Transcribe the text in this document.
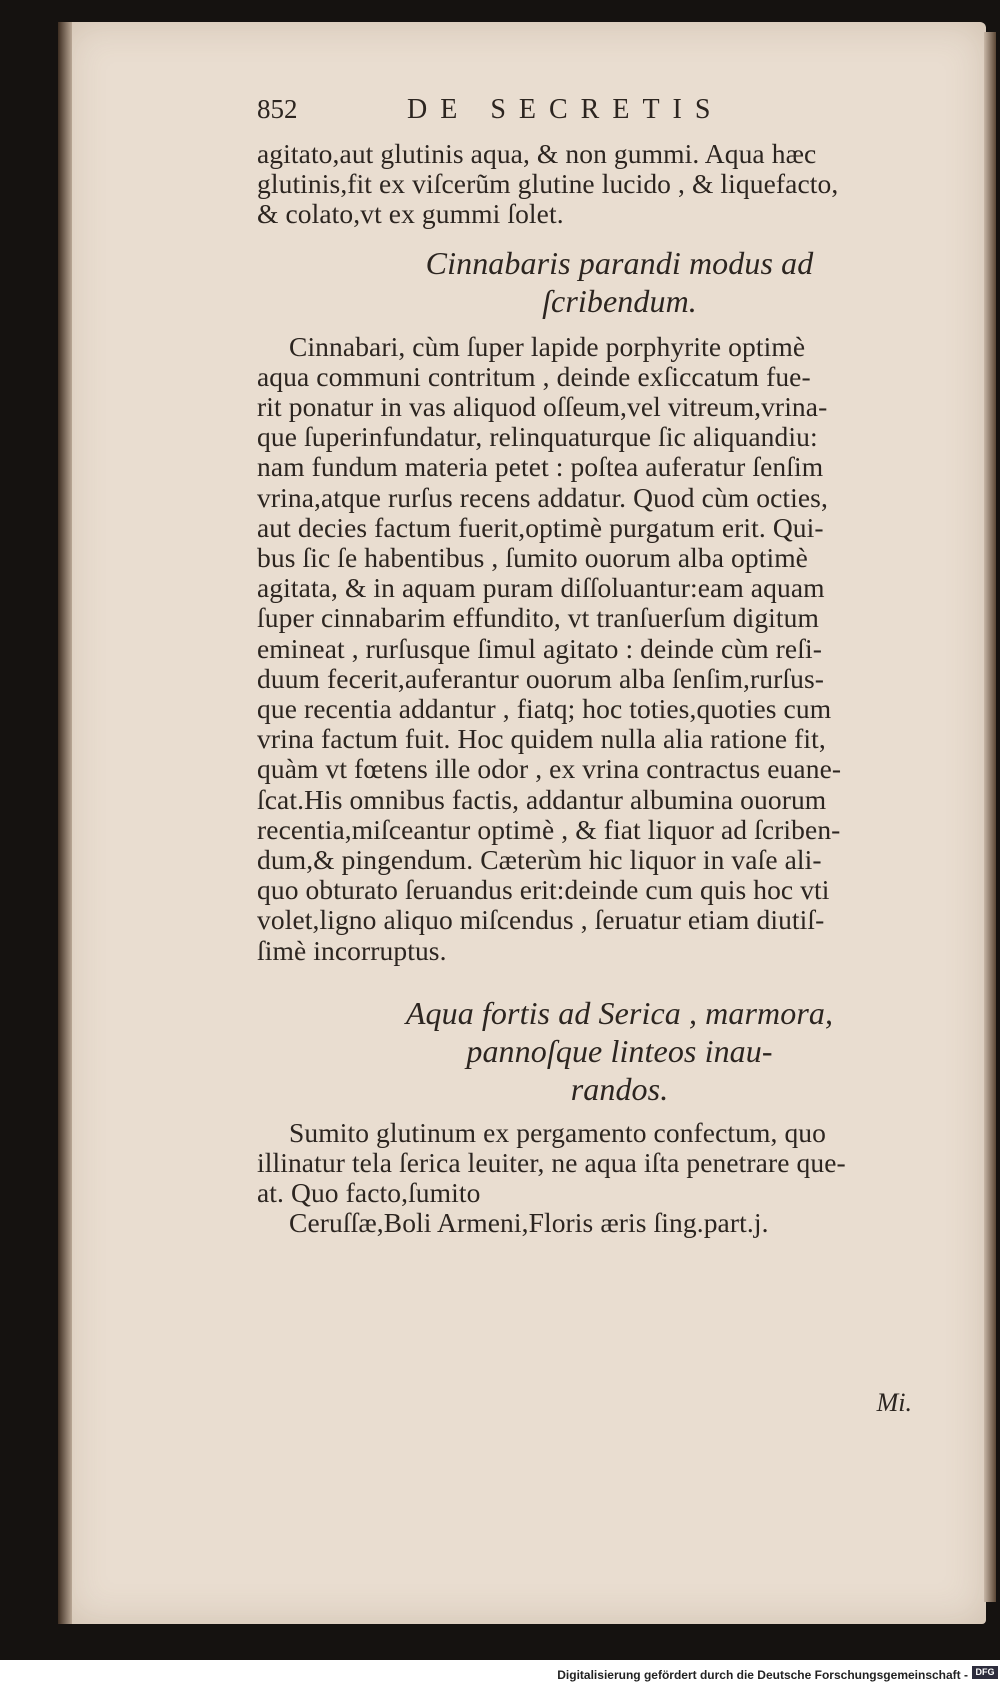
852	DE SECRETIS
agitato,aut glutinis aqua, & non gummi. Aqua hæc
glutinis,fit ex viſcerũm glutine lucido , & liquefacto,
& colato,vt ex gummi ſolet.
Cinnabaris parandi modus ad
ſcribendum.
Cinnabari, cùm ſuper lapide porphyrite optimè
aqua communi contritum , deinde exſiccatum fue-
rit ponatur in vas aliquod oſſeum,vel vitreum,vrina-
que ſuperinfundatur, relinquaturque ſic aliquandiu:
nam fundum materia petet : poſtea auferatur ſenſim
vrina,atque rurſus recens addatur. Quod cùm octies,
aut decies factum fuerit,optimè purgatum erit. Qui-
bus ſic ſe habentibus , ſumito ouorum alba optimè
agitata, & in aquam puram diſſoluantur:eam aquam
ſuper cinnabarim effundito, vt tranſuerſum digitum
emineat , rurſusque ſimul agitato : deinde cùm reſi-
duum fecerit,auferantur ouorum alba ſenſim,rurſus-
que recentia addantur , fiatq; hoc toties,quoties cum
vrina factum fuit. Hoc quidem nulla alia ratione fit,
quàm vt fœtens ille odor , ex vrina contractus euane-
ſcat.His omnibus factis, addantur albumina ouorum
recentia,miſceantur optimè , & fiat liquor ad ſcriben-
dum,& pingendum. Cæterùm hic liquor in vaſe ali-
quo obturato ſeruandus erit:deinde cum quis hoc vti
volet,ligno aliquo miſcendus , ſeruatur etiam diutiſ-
ſimè incorruptus.
Aqua fortis ad Serica , marmora,
pannoſque linteos inau-
randos.
Sumito glutinum ex pergamento confectum, quo
illinatur tela ſerica leuiter, ne aqua iſta penetrare que-
at. Quo facto,ſumito
Ceruſſæ,Boli Armeni,Floris æris ſing.part.j.
Mi.
Digitalisierung gefördert durch die Deutsche Forschungsgemeinschaft - DFG
